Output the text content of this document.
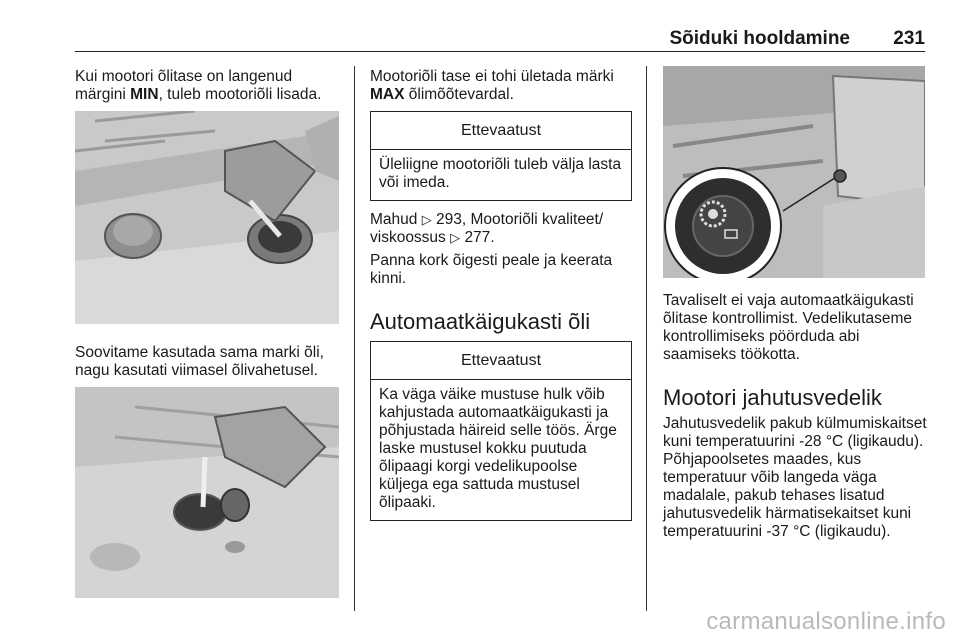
Sõiduki hooldamine 231
Kui mootori õlitase on langenud märgini MIN, tuleb mootoriõli lisada.
Soovitame kasutada sama marki õli, nagu kasutati viimasel õlivahetusel.
Mootoriõli tase ei tohi ületada märki MAX õlimõõtevardal.
Ettevaatust
Üleliigne mootoriõli tuleb välja lasta või imeda.
Mahud ▷ 293, Mootoriõli kvaliteet/ viskoossus ▷ 277.
Panna kork õigesti peale ja keerata kinni.
Automaatkäigukasti õli
Ettevaatust
Ka väga väike mustuse hulk võib kahjustada automaatkäigukasti ja põhjustada häireid selle töös. Ärge laske mustusel kokku puutuda õlipaagi korgi vedelikupoolse küljega ega sattuda mustusel õlipaaki.
Tavaliselt ei vaja automaatkäigukasti õlitase kontrollimist. Vedelikutaseme kontrollimiseks pöörduda abi saamiseks töökotta.
Mootori jahutusvedelik
Jahutusvedelik pakub külmumiskaitset kuni temperatuurini -28 °C (ligikaudu). Põhjapoolsetes maades, kus temperatuur võib langeda väga madalale, pakub tehases lisatud jahutusvedelik härmatisekaitset kuni temperatuurini -37 °C (ligikaudu).
carmanualsonline.info
